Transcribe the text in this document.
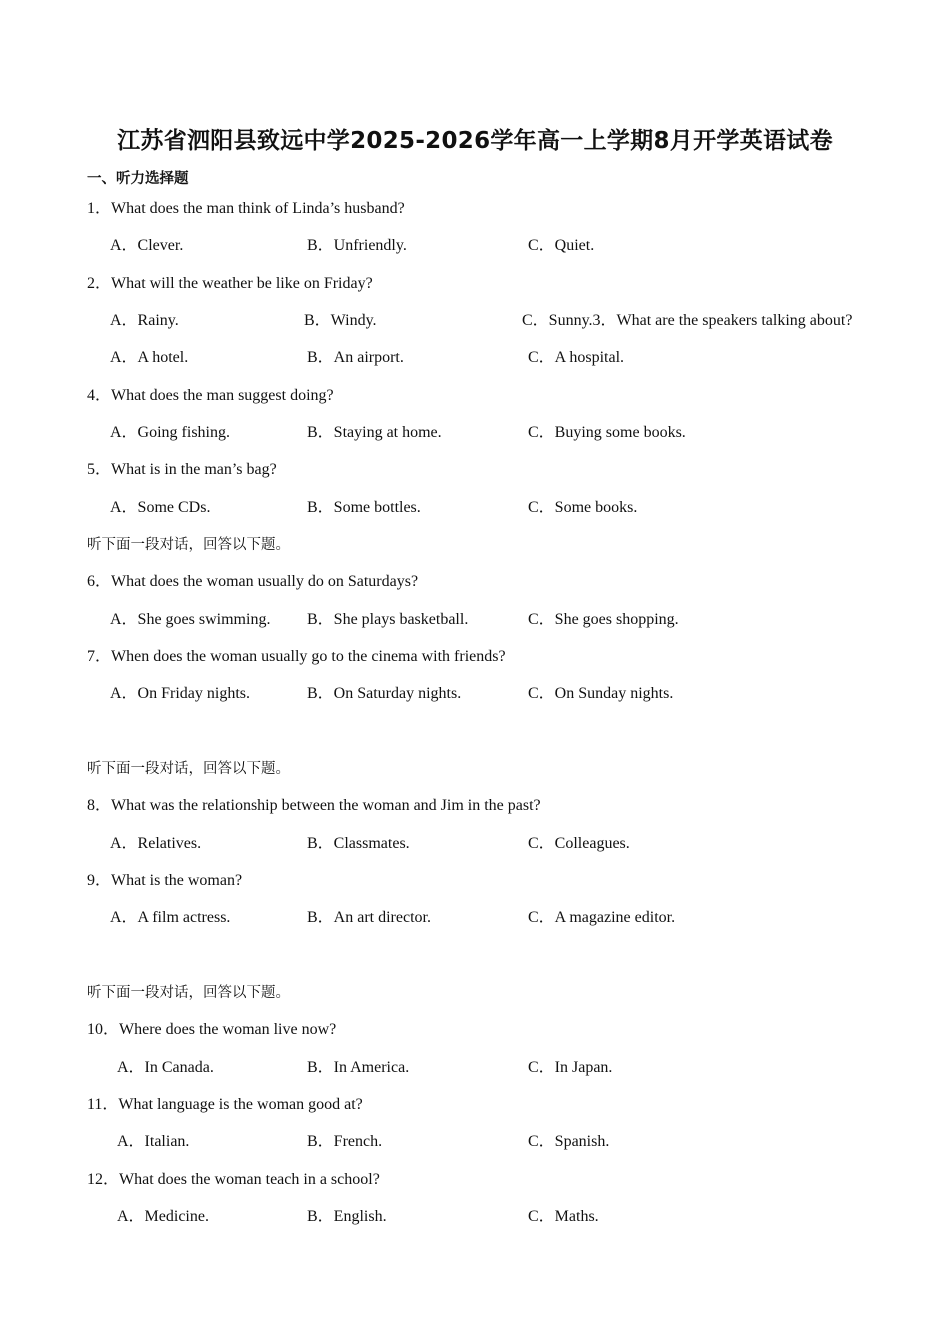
江苏省泗阳县致远中学2025-2026学年高一上学期8月开学英语试卷
一、听力选择题
1．What does the man think of Linda’s husband?
A．Clever.	B．Unfriendly.	C．Quiet.
2．What will the weather be like on Friday?
A．Rainy.	B．Windy.	C．Sunny.3．What are the speakers talking about?
A．A hotel.	B．An airport.	C．A hospital.
4．What does the man suggest doing?
A．Going fishing.	B．Staying at home.	C．Buying some books.
5．What is in the man’s bag?
A．Some CDs.	B．Some bottles.	C．Some books.
听下面一段对话，回答以下题。
6．What does the woman usually do on Saturdays?
A．She goes swimming. B．She plays basketball.	C．She goes shopping.
7．When does the woman usually go to the cinema with friends?
A．On Friday nights.	B．On Saturday nights.	C．On Sunday nights.
听下面一段对话，回答以下题。
8．What was the relationship between the woman and Jim in the past?
A．Relatives.	B．Classmates.	C．Colleagues.
9．What is the woman?
A．A film actress.	B．An art director.	C．A magazine editor.
听下面一段对话，回答以下题。
10．Where does the woman live now?
A．In Canada.	B．In America.	C．In Japan.
11．What language is the woman good at?
A．Italian.	B．French.	C．Spanish.
12．What does the woman teach in a school?
A．Medicine.	B．English.	C．Maths.
